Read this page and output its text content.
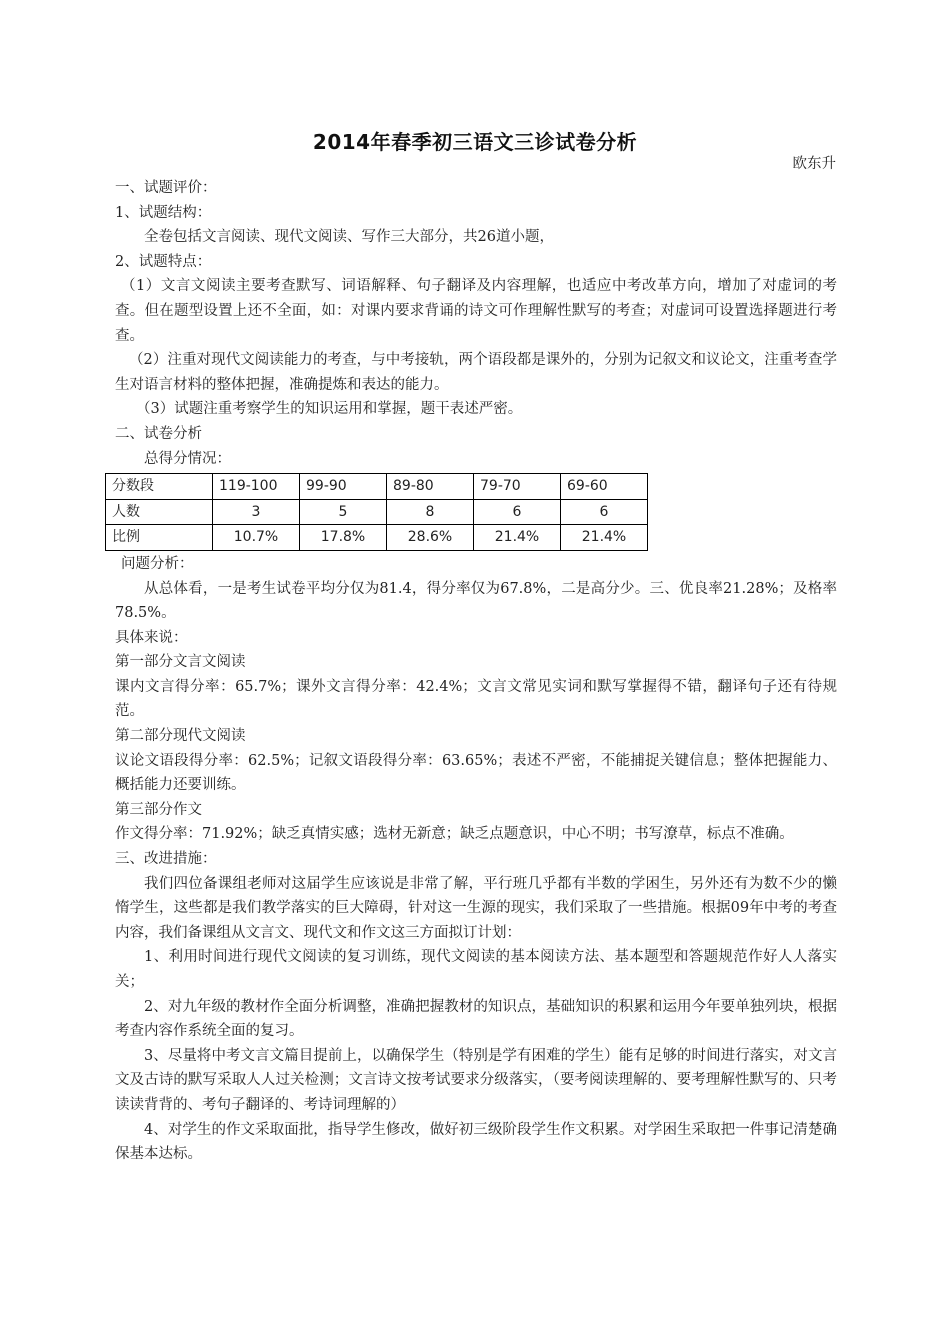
2014年春季初三语文三诊试卷分析
欧东升

一、试题评价：

1、试题结构：

全卷包括文言阅读、现代文阅读、写作三大部分，共26道小题，

2、试题特点：

（1）文言文阅读主要考查默写、词语解释、句子翻译及内容理解，也适应中考改革方向，增加了对虚词的考查。但在题型设置上还不全面，如：对课内要求背诵的诗文可作理解性默写的考查；对虚词可设置选择题进行考查。

（2）注重对现代文阅读能力的考查，与中考接轨，两个语段都是课外的，分别为记叙文和议论文，注重考查学生对语言材料的整体把握，准确提炼和表达的能力。

（3）试题注重考察学生的知识运用和掌握，题干表述严密。

二、试卷分析

总得分情况：

分数段	119-100	99-90	89-80	79-70	69-60
人数	3	5	8	6	6
比例	10.7%	17.8%	28.6%	21.4%	21.4%

问题分析：

从总体看，一是考生试卷平均分仅为81.4，得分率仅为67.8%，二是高分少。三、优良率21.28%；及格率78.5%。

具体来说：

第一部分文言文阅读

课内文言得分率：65.7%；课外文言得分率：42.4%；文言文常见实词和默写掌握得不错，翻译句子还有待规范。

第二部分现代文阅读

议论文语段得分率：62.5%；记叙文语段得分率：63.65%；表述不严密，不能捕捉关键信息；整体把握能力、概括能力还要训练。

第三部分作文

作文得分率：71.92%；缺乏真情实感；选材无新意；缺乏点题意识，中心不明；书写潦草，标点不准确。

三、改进措施：

我们四位备课组老师对这届学生应该说是非常了解，平行班几乎都有半数的学困生，另外还有为数不少的懒惰学生，这些都是我们教学落实的巨大障碍，针对这一生源的现实，我们采取了一些措施。根据09年中考的考查内容，我们备课组从文言文、现代文和作文这三方面拟订计划：

1、利用时间进行现代文阅读的复习训练，现代文阅读的基本阅读方法、基本题型和答题规范作好人人落实关；

2、对九年级的教材作全面分析调整，准确把握教材的知识点，基础知识的积累和运用今年要单独列块，根据考查内容作系统全面的复习。

3、尽量将中考文言文篇目提前上，以确保学生（特别是学有困难的学生）能有足够的时间进行落实，对文言文及古诗的默写采取人人过关检测；文言诗文按考试要求分级落实，（要考阅读理解的、要考理解性默写的、只考读读背背的、考句子翻译的、考诗词理解的）

4、对学生的作文采取面批，指导学生修改，做好初三级阶段学生作文积累。对学困生采取把一件事记清楚确保基本达标。
